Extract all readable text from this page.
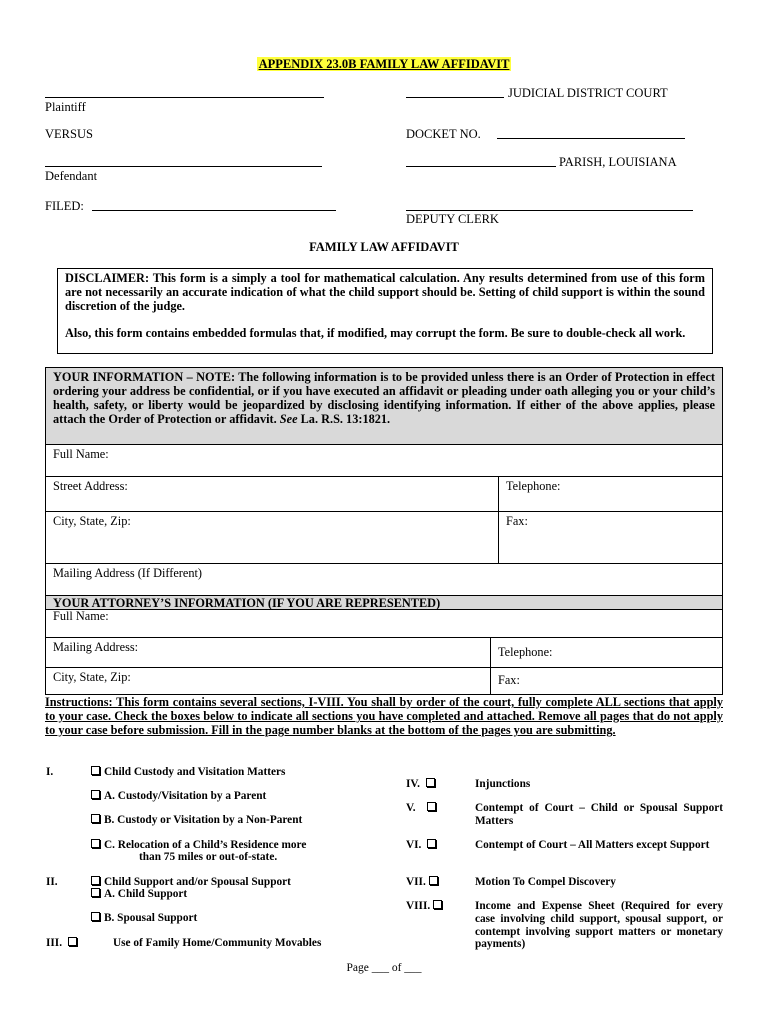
APPENDIX 23.0B FAMILY LAW AFFIDAVIT
JUDICIAL DISTRICT COURT
Plaintiff
VERSUS	DOCKET NO.
PARISH, LOUISIANA
Defendant
FILED:
DEPUTY CLERK
FAMILY LAW AFFIDAVIT

DISCLAIMER: This form is a simply a tool for mathematical calculation. Any results determined from use of this form are not necessarily an accurate indication of what the child support should be. Setting of child support is within the sound discretion of the judge.

Also, this form contains embedded formulas that, if modified, may corrupt the form. Be sure to double-check all work.

YOUR INFORMATION – NOTE: The following information is to be provided unless there is an Order of Protection in effect ordering your address be confidential, or if you have executed an affidavit or pleading under oath alleging you or your child’s health, safety, or liberty would be jeopardized by disclosing identifying information. If either of the above applies, please attach the Order of Protection or affidavit. See La. R.S. 13:1821.
Full Name:
Street Address:	Telephone:
City, State, Zip:	Fax:
Mailing Address (If Different)
YOUR ATTORNEY’S INFORMATION (IF YOU ARE REPRESENTED)
Full Name:
Mailing Address:	Telephone:
City, State, Zip:	Fax:
Instructions: This form contains several sections, I-VIII. You shall by order of the court, fully complete ALL sections that apply to your case. Check the boxes below to indicate all sections you have completed and attached. Remove all pages that do not apply to your case before submission. Fill in the page number blanks at the bottom of the pages you are submitting.
I.	Child Custody and Visitation Matters
A. Custody/Visitation by a Parent
B. Custody or Visitation by a Non-Parent
C. Relocation of a Child’s Residence more
than 75 miles or out-of-state.
II.	Child Support and/or Spousal Support
A. Child Support
B. Spousal Support
III.	Use of Family Home/Community Movables
IV.	Injunctions
V.	Contempt of Court – Child or Spousal Support Matters
VI.	Contempt of Court – All Matters except Support
VII.	Motion To Compel Discovery
VIII.	Income and Expense Sheet (Required for every case involving child support, spousal support, or contempt involving support matters or monetary payments)
Page ___ of ___
